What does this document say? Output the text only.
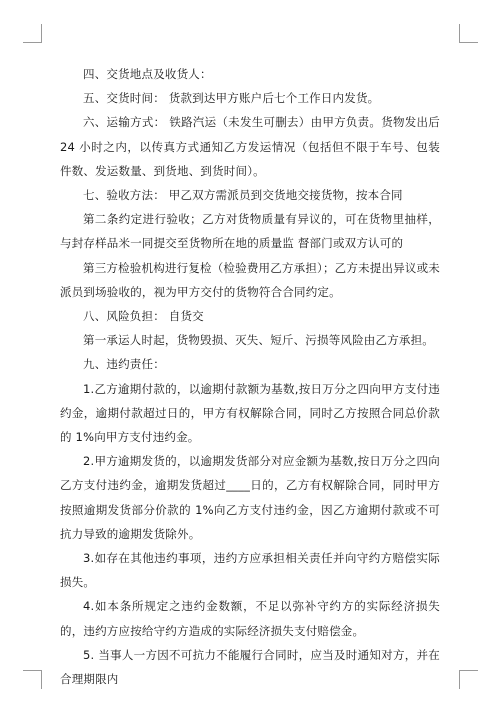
四、交货地点及收货人：

五、交货时间： 货款到达甲方账户后七个工作日内发货。

六、运输方式： 铁路汽运（未发生可删去）由甲方负责。货物发出后 24 小时之内，以传真方式通知乙方发运情况（包括但不限于车号、包装件数、发运数量、到货地、到货时间）。

七、验收方法： 甲乙双方需派员到交货地交接货物，按本合同

第二条约定进行验收；乙方对货物质量有异议的，可在货物里抽样，与封存样品米一同提交至货物所在地的质量监 督部门或双方认可的

第三方检验机构进行复检（检验费用乙方承担）；乙方未提出异议或未派员到场验收的，视为甲方交付的货物符合合同约定。

八、风险负担： 自货交

第一承运人时起，货物毁损、灭失、短斤、污损等风险由乙方承担。

九、违约责任：

1.乙方逾期付款的，以逾期付款额为基数,按日万分之四向甲方支付违约金，逾期付款超过日的，甲方有权解除合同，同时乙方按照合同总价款的 1%向甲方支付违约金。

2.甲方逾期发货的，以逾期发货部分对应金额为基数,按日万分之四向乙方支付违约金，逾期发货超过____日的，乙方有权解除合同，同时甲方按照逾期发货部分价款的 1%向乙方支付违约金，因乙方逾期付款或不可抗力导致的逾期发货除外。

3.如存在其他违约事项，违约方应承担相关责任并向守约方赔偿实际损失。

4.如本条所规定之违约金数额，不足以弥补守约方的实际经济损失的，违约方应按给守约方造成的实际经济损失支付赔偿金。

5. 当事人一方因不可抗力不能履行合同时，应当及时通知对方，并在合理期限内
